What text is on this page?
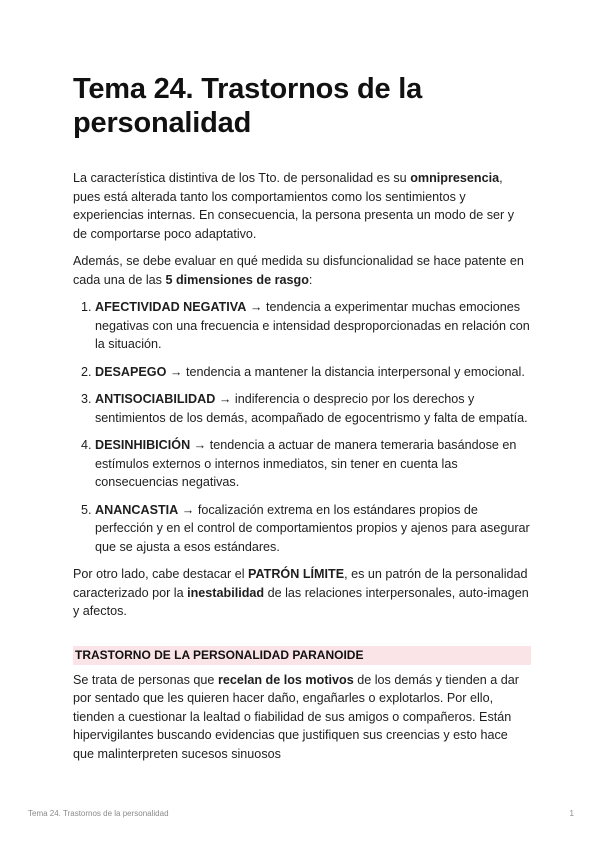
Tema 24. Trastornos de la personalidad

La característica distintiva de los Tto. de personalidad es su omnipresencia, pues está alterada tanto los comportamientos como los sentimientos y experiencias internas. En consecuencia, la persona presenta un modo de ser y de comportarse poco adaptativo.

Además, se debe evaluar en qué medida su disfuncionalidad se hace patente en cada una de las 5 dimensiones de rasgo:

1. AFECTIVIDAD NEGATIVA → tendencia a experimentar muchas emociones negativas con una frecuencia e intensidad desproporcionadas en relación con la situación.
2. DESAPEGO → tendencia a mantener la distancia interpersonal y emocional.
3. ANTISOCIABILIDAD → indiferencia o desprecio por los derechos y sentimientos de los demás, acompañado de egocentrismo y falta de empatía.
4. DESINHIBICIÓN → tendencia a actuar de manera temeraria basándose en estímulos externos o internos inmediatos, sin tener en cuenta las consecuencias negativas.
5. ANANCASTIA → focalización extrema en los estándares propios de perfección y en el control de comportamientos propios y ajenos para asegurar que se ajusta a esos estándares.

Por otro lado, cabe destacar el PATRÓN LÍMITE, es un patrón de la personalidad caracterizado por la inestabilidad de las relaciones interpersonales, auto-imagen y afectos.

TRASTORNO DE LA PERSONALIDAD PARANOIDE

Se trata de personas que recelan de los motivos de los demás y tienden a dar por sentado que les quieren hacer daño, engañarles o explotarlos. Por ello, tienden a cuestionar la lealtad o fiabilidad de sus amigos o compañeros. Están hipervigilantes buscando evidencias que justifiquen sus creencias y esto hace que malinterpreten sucesos sinuosos

Tema 24. Trastornos de la personalidad	1
